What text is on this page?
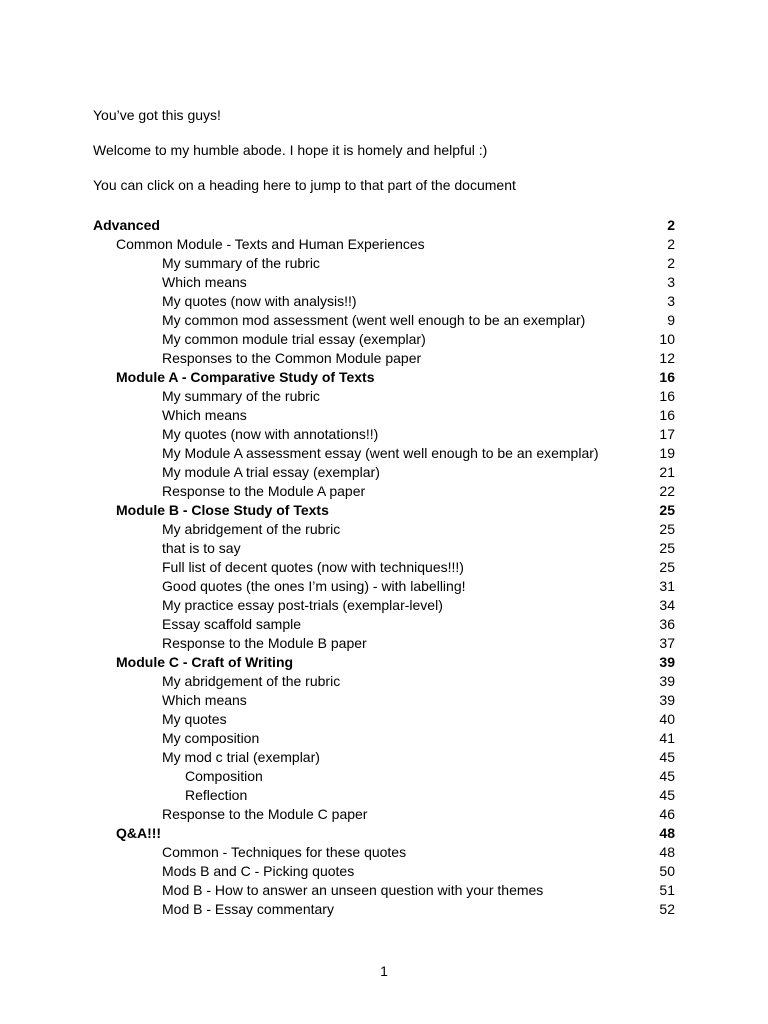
You’ve got this guys!
Welcome to my humble abode. I hope it is homely and helpful :)
You can click on a heading here to jump to that part of the document
Advanced	2
Common Module - Texts and Human Experiences	2
My summary of the rubric	2
Which means	3
My quotes (now with analysis!!)	3
My common mod assessment (went well enough to be an exemplar)	9
My common module trial essay (exemplar)	10
Responses to the Common Module paper	12
Module A - Comparative Study of Texts	16
My summary of the rubric	16
Which means	16
My quotes (now with annotations!!)	17
My Module A assessment essay (went well enough to be an exemplar)	19
My module A trial essay (exemplar)	21
Response to the Module A paper	22
Module B - Close Study of Texts	25
My abridgement of the rubric	25
that is to say	25
Full list of decent quotes (now with techniques!!!)	25
Good quotes (the ones I’m using) - with labelling!	31
My practice essay post-trials (exemplar-level)	34
Essay scaffold sample	36
Response to the Module B paper	37
Module C - Craft of Writing	39
My abridgement of the rubric	39
Which means	39
My quotes	40
My composition	41
My mod c trial (exemplar)	45
Composition	45
Reflection	45
Response to the Module C paper	46
Q&A!!!	48
Common - Techniques for these quotes	48
Mods B and C - Picking quotes	50
Mod B - How to answer an unseen question with your themes	51
Mod B - Essay commentary	52
1
